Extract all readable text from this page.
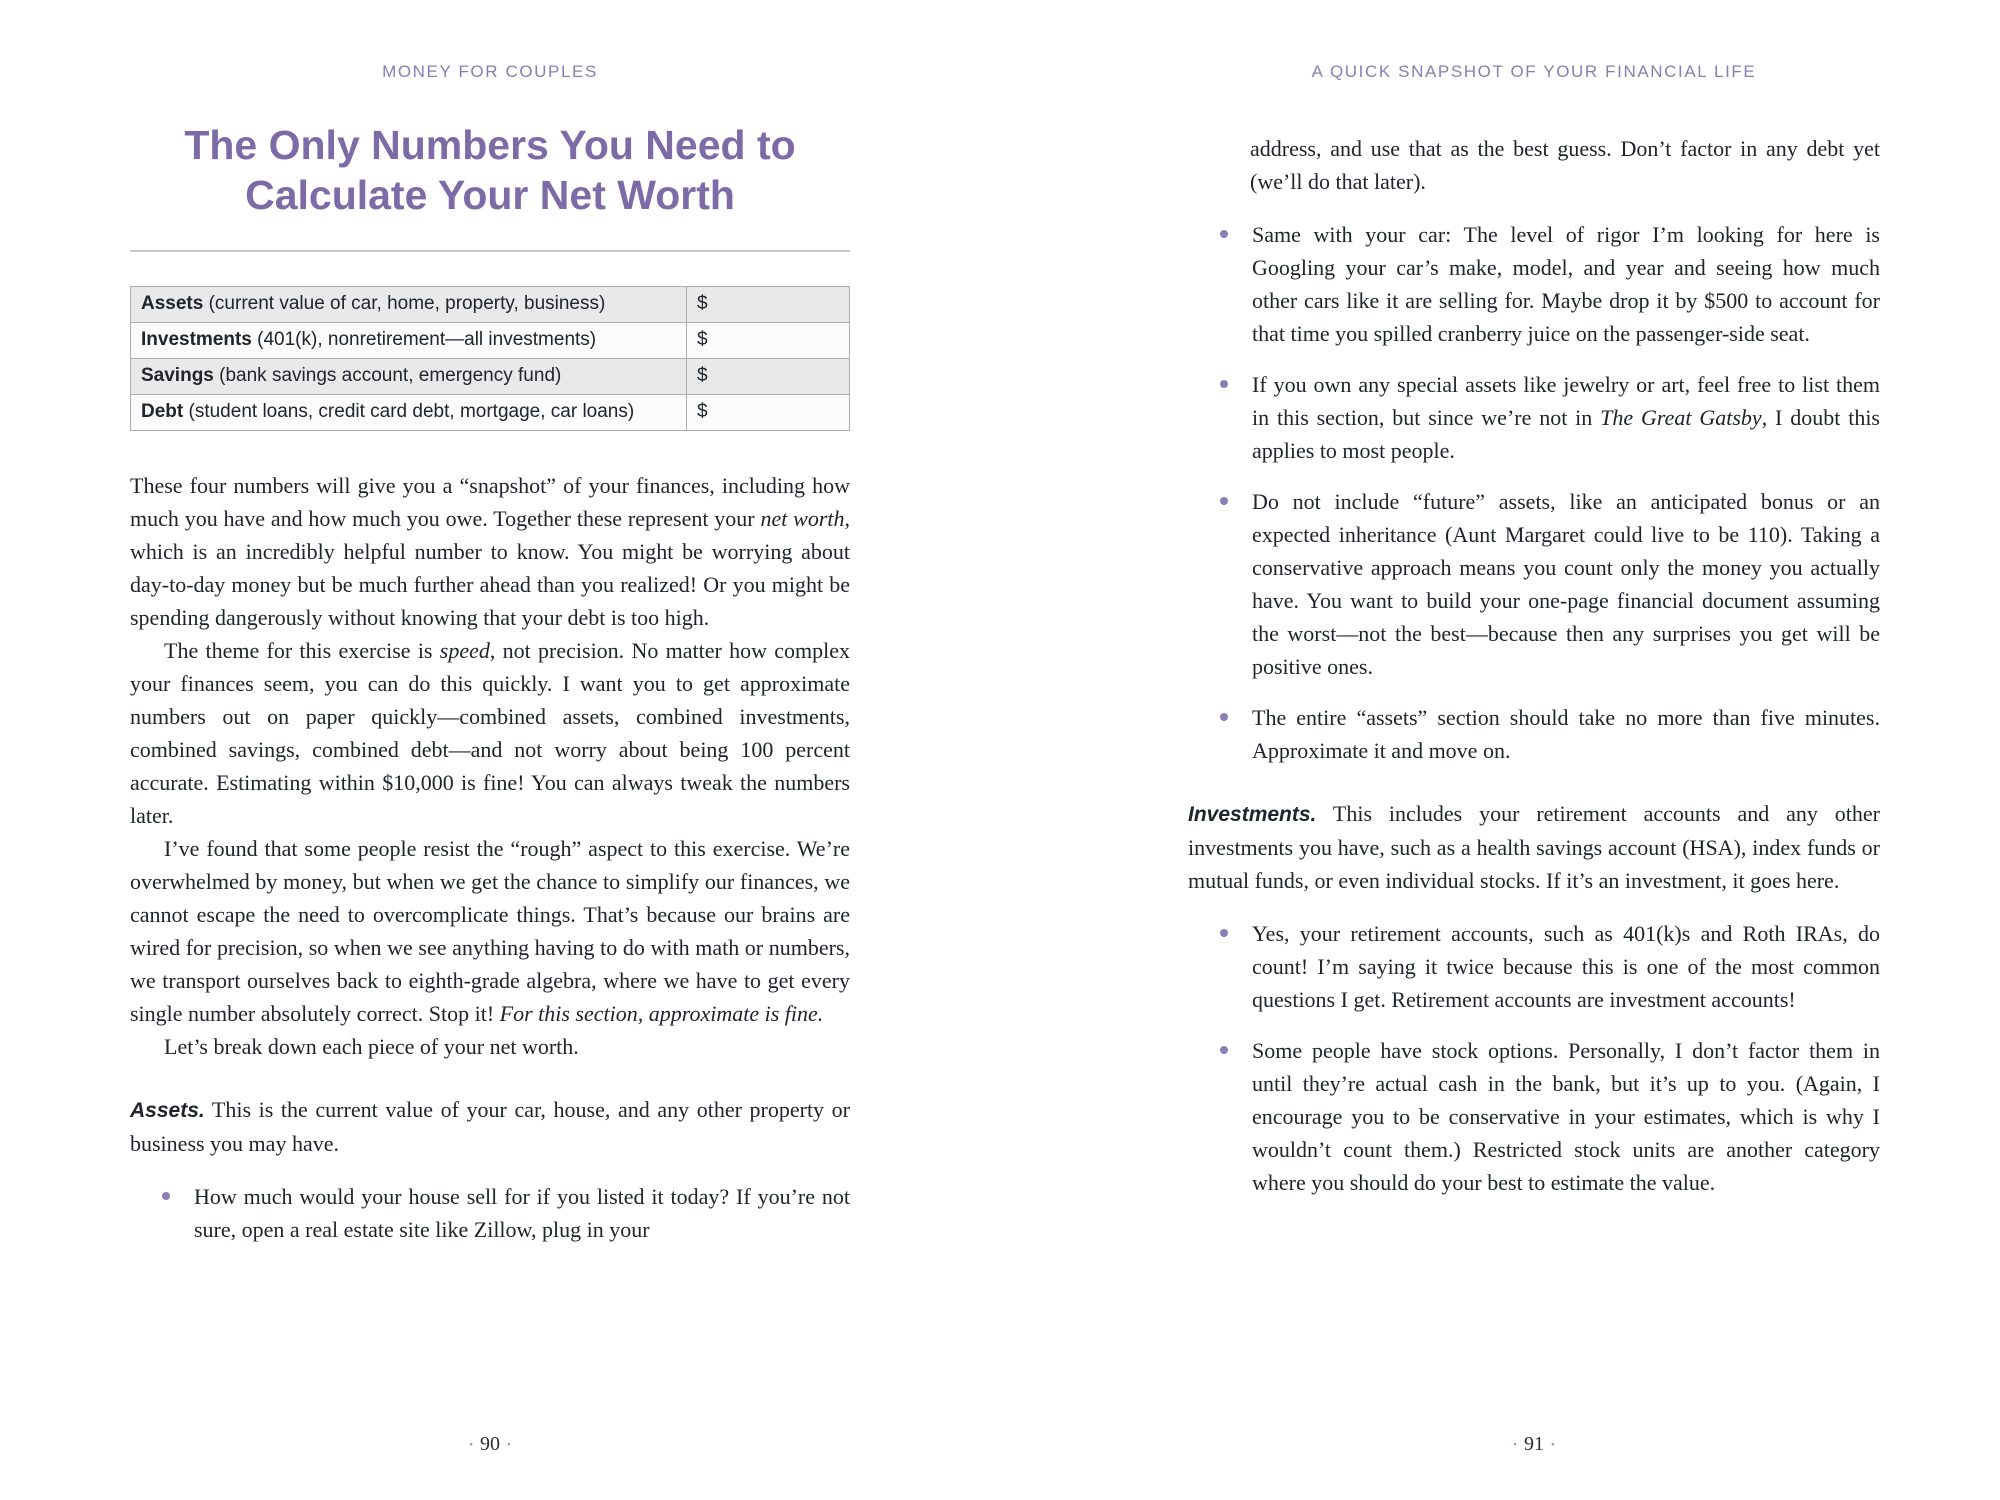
MONEY FOR COUPLES
The Only Numbers You Need to
Calculate Your Net Worth
Assets (current value of car, home, property, business)	$
Investments (401(k), nonretirement—all investments)	$
Savings (bank savings account, emergency fund)	$
Debt (student loans, credit card debt, mortgage, car loans)	$

These four numbers will give you a “snapshot” of your finances, including how much you have and how much you owe. Together these represent your net worth, which is an incredibly helpful number to know. You might be worrying about day-to-day money but be much further ahead than you realized! Or you might be spending dangerously without knowing that your debt is too high.

The theme for this exercise is speed, not precision. No matter how complex your finances seem, you can do this quickly. I want you to get approximate numbers out on paper quickly—combined assets, combined investments, combined savings, combined debt—and not worry about being 100 percent accurate. Estimating within $10,000 is fine! You can always tweak the numbers later.

I’ve found that some people resist the “rough” aspect to this exercise. We’re overwhelmed by money, but when we get the chance to simplify our finances, we cannot escape the need to overcomplicate things. That’s because our brains are wired for precision, so when we see anything having to do with math or numbers, we transport ourselves back to eighth-grade algebra, where we have to get every single number absolutely correct. Stop it! For this section, approximate is fine.

Let’s break down each piece of your net worth.

Assets. This is the current value of your car, house, and any other property or business you may have.

How much would your house sell for if you listed it today? If you’re not sure, open a real estate site like Zillow, plug in your
• 90 •
A QUICK SNAPSHOT OF YOUR FINANCIAL LIFE

address, and use that as the best guess. Don’t factor in any debt yet (we’ll do that later).

Same with your car: The level of rigor I’m looking for here is Googling your car’s make, model, and year and seeing how much other cars like it are selling for. Maybe drop it by $500 to account for that time you spilled cranberry juice on the passenger-side seat.
If you own any special assets like jewelry or art, feel free to list them in this section, but since we’re not in The Great Gatsby, I doubt this applies to most people.
Do not include “future” assets, like an anticipated bonus or an expected inheritance (Aunt Margaret could live to be 110). Taking a conservative approach means you count only the money you actually have. You want to build your one-page financial document assuming the worst—not the best—because then any surprises you get will be positive ones.
The entire “assets” section should take no more than five minutes. Approximate it and move on.

Investments. This includes your retirement accounts and any other investments you have, such as a health savings account (HSA), index funds or mutual funds, or even individual stocks. If it’s an investment, it goes here.

Yes, your retirement accounts, such as 401(k)s and Roth IRAs, do count! I’m saying it twice because this is one of the most common questions I get. Retirement accounts are investment accounts!
Some people have stock options. Personally, I don’t factor them in until they’re actual cash in the bank, but it’s up to you. (Again, I encourage you to be conservative in your estimates, which is why I wouldn’t count them.) Restricted stock units are another category where you should do your best to estimate the value.
• 91 •
